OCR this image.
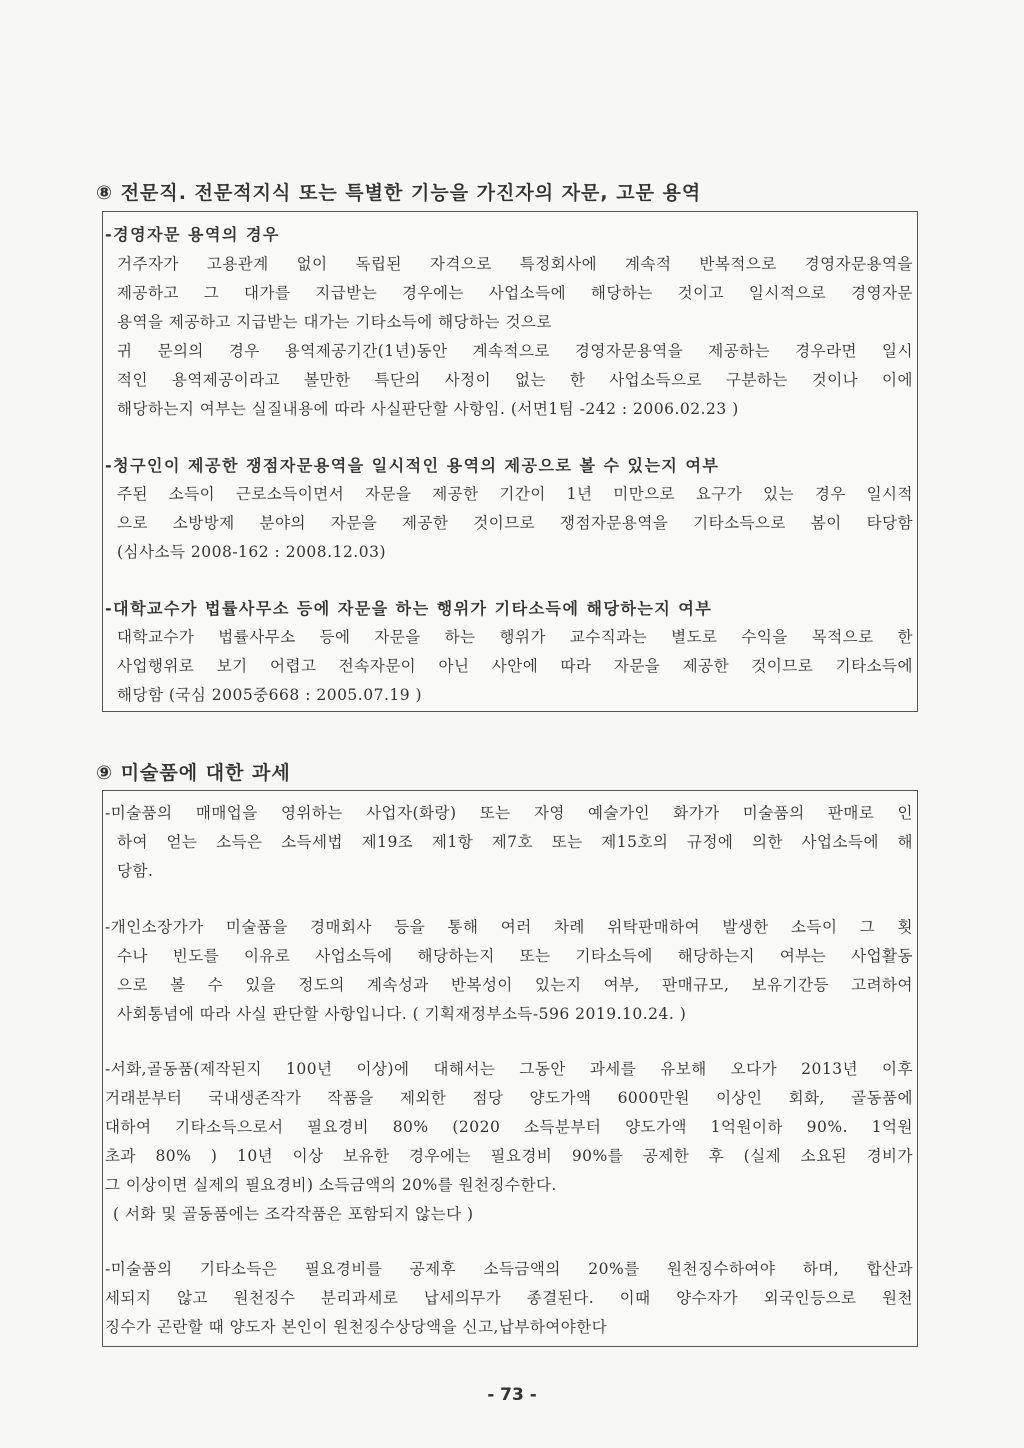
⑧ 전문직. 전문적지식 또는 특별한 기능을 가진자의 자문, 고문 용역
-경영자문 용역의 경우
거주자가 고용관계 없이 독립된 자격으로 특정회사에 계속적 반복적으로 경영자문용역을
제공하고 그 대가를 지급받는 경우에는 사업소득에 해당하는 것이고 일시적으로 경영자문
용역을 제공하고 지급받는 대가는 기타소득에 해당하는 것으로
귀 문의의 경우 용역제공기간(1년)동안 계속적으로 경영자문용역을 제공하는 경우라면 일시
적인 용역제공이라고 볼만한 특단의 사정이 없는 한 사업소득으로 구분하는 것이나 이에
해당하는지 여부는 실질내용에 따라 사실판단할 사항임. (서면1팀 -242 : 2006.02.23 )
-청구인이 제공한 쟁점자문용역을 일시적인 용역의 제공으로 볼 수 있는지 여부
주된 소득이 근로소득이면서 자문을 제공한 기간이 1년 미만으로 요구가 있는 경우 일시적
으로 소방방제 분야의 자문을 제공한 것이므로 쟁점자문용역을 기타소득으로 봄이 타당함
(심사소득 2008-162 : 2008.12.03)
-대학교수가 법률사무소 등에 자문을 하는 행위가 기타소득에 해당하는지 여부
대학교수가 법률사무소 등에 자문을 하는 행위가 교수직과는 별도로 수익을 목적으로 한
사업행위로 보기 어렵고 전속자문이 아닌 사안에 따라 자문을 제공한 것이므로 기타소득에
해당함 (국심 2005중668 : 2005.07.19 )
⑨ 미술품에 대한 과세
-미술품의 매매업을 영위하는 사업자(화랑) 또는 자영 예술가인 화가가 미술품의 판매로 인
하여 얻는 소득은 소득세법 제19조 제1항 제7호 또는 제15호의 규정에 의한 사업소득에 해
당함.
-개인소장가가 미술품을 경매회사 등을 통해 여러 차례 위탁판매하여 발생한 소득이 그 횟
수나 빈도를 이유로 사업소득에 해당하는지 또는 기타소득에 해당하는지 여부는 사업활동
으로 볼 수 있을 정도의 계속성과 반복성이 있는지 여부, 판매규모, 보유기간등 고려하여
사회통념에 따라 사실 판단할 사항입니다. ( 기획재정부소득-596 2019.10.24. )
-서화,골동품(제작된지 100년 이상)에 대해서는 그동안 과세를 유보해 오다가 2013년 이후
거래분부터 국내생존작가 작품을 제외한 점당 양도가액 6000만원 이상인 회화, 골동품에
대하여 기타소득으로서 필요경비 80% (2020 소득분부터 양도가액 1억원이하 90%. 1억원
초과 80% ) 10년 이상 보유한 경우에는 필요경비 90%를 공제한 후 (실제 소요된 경비가
그 이상이면 실제의 필요경비) 소득금액의 20%를 원천징수한다.
( 서화 및 골동품에는 조각작품은 포함되지 않는다 )
-미술품의 기타소득은 필요경비를 공제후 소득금액의 20%를 원천징수하여야 하며, 합산과
세되지 않고 원천징수 분리과세로 납세의무가 종결된다. 이때 양수자가 외국인등으로 원천
징수가 곤란할 때 양도자 본인이 원천징수상당액을 신고,납부하여야한다
- 73 -
